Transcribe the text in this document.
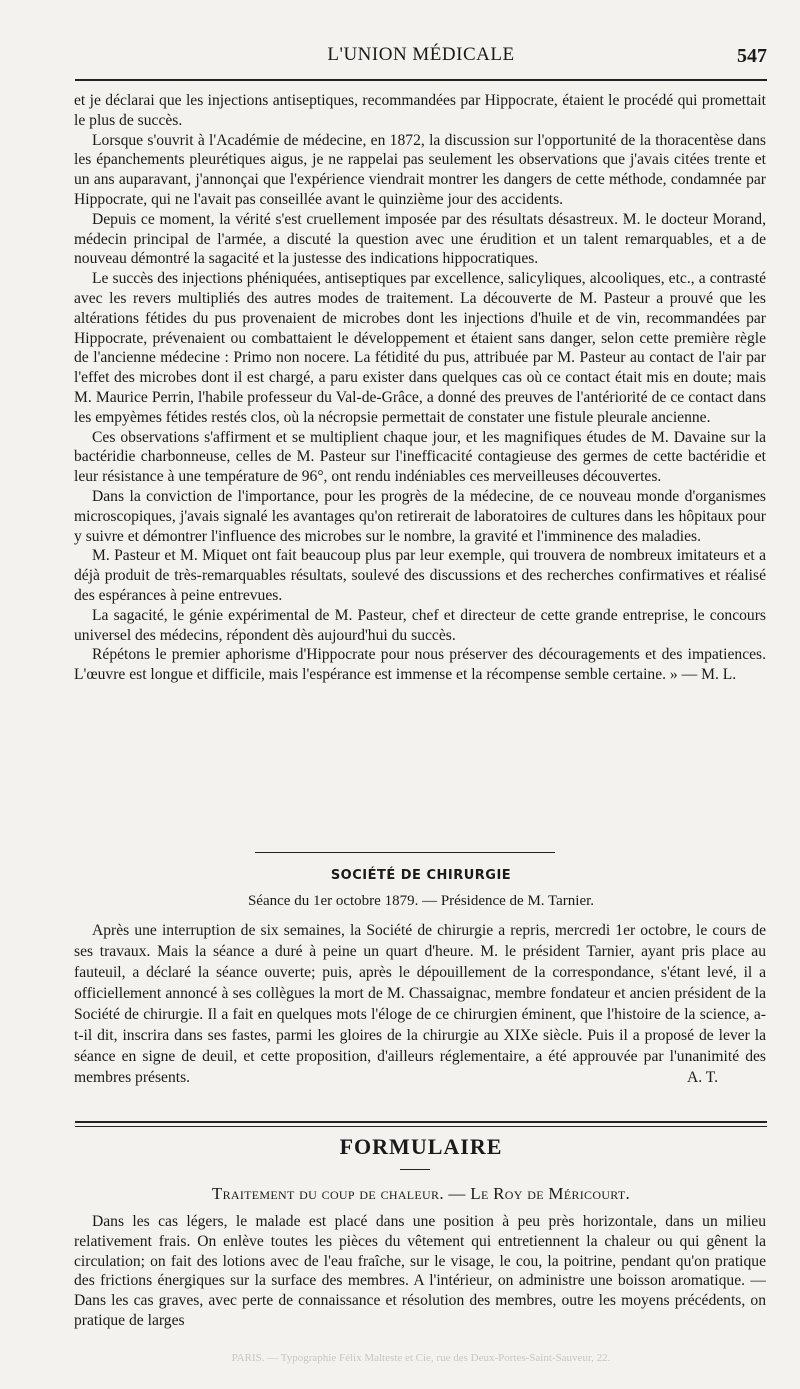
L'UNION MÉDICALE	547

et je déclarai que les injections antiseptiques, recommandées par Hippocrate, étaient le procédé qui promettait le plus de succès.

Lorsque s'ouvrit à l'Académie de médecine, en 1872, la discussion sur l'opportunité de la thoracentèse dans les épanchements pleurétiques aigus, je ne rappelai pas seulement les observations que j'avais citées trente et un ans auparavant, j'annonçai que l'expérience viendrait montrer les dangers de cette méthode, condamnée par Hippocrate, qui ne l'avait pas conseillée avant le quinzième jour des accidents.

Depuis ce moment, la vérité s'est cruellement imposée par des résultats désastreux. M. le docteur Morand, médecin principal de l'armée, a discuté la question avec une érudition et un talent remarquables, et a de nouveau démontré la sagacité et la justesse des indications hippocratiques.

Le succès des injections phéniquées, antiseptiques par excellence, salicyliques, alcooliques, etc., a contrasté avec les revers multipliés des autres modes de traitement. La découverte de M. Pasteur a prouvé que les altérations fétides du pus provenaient de microbes dont les injections d'huile et de vin, recommandées par Hippocrate, prévenaient ou combattaient le développement et étaient sans danger, selon cette première règle de l'ancienne médecine : Primo non nocere. La fétidité du pus, attribuée par M. Pasteur au contact de l'air par l'effet des microbes dont il est chargé, a paru exister dans quelques cas où ce contact était mis en doute; mais M. Maurice Perrin, l'habile professeur du Val-de-Grâce, a donné des preuves de l'antériorité de ce contact dans les empyèmes fétides restés clos, où la nécropsie permettait de constater une fistule pleurale ancienne.

Ces observations s'affirment et se multiplient chaque jour, et les magnifiques études de M. Davaine sur la bactéridie charbonneuse, celles de M. Pasteur sur l'inefficacité contagieuse des germes de cette bactéridie et leur résistance à une température de 96°, ont rendu indéniables ces merveilleuses découvertes.

Dans la conviction de l'importance, pour les progrès de la médecine, de ce nouveau monde d'organismes microscopiques, j'avais signalé les avantages qu'on retirerait de laboratoires de cultures dans les hôpitaux pour y suivre et démontrer l'influence des microbes sur le nombre, la gravité et l'imminence des maladies.

M. Pasteur et M. Miquet ont fait beaucoup plus par leur exemple, qui trouvera de nombreux imitateurs et a déjà produit de très-remarquables résultats, soulevé des discussions et des recherches confirmatives et réalisé des espérances à peine entrevues.

La sagacité, le génie expérimental de M. Pasteur, chef et directeur de cette grande entreprise, le concours universel des médecins, répondent dès aujourd'hui du succès.

Répétons le premier aphorisme d'Hippocrate pour nous préserver des découragements et des impatiences. L'œuvre est longue et difficile, mais l'espérance est immense et la récompense semble certaine. » — M. L.

SOCIÉTÉ DE CHIRURGIE
Séance du 1er octobre 1879. — Présidence de M. Tarnier.

Après une interruption de six semaines, la Société de chirurgie a repris, mercredi 1er octobre, le cours de ses travaux. Mais la séance a duré à peine un quart d'heure. M. le président Tarnier, ayant pris place au fauteuil, a déclaré la séance ouverte; puis, après le dépouillement de la correspondance, s'étant levé, il a officiellement annoncé à ses collègues la mort de M. Chassaignac, membre fondateur et ancien président de la Société de chirurgie. Il a fait en quelques mots l'éloge de ce chirurgien éminent, que l'histoire de la science, a-t-il dit, inscrira dans ses fastes, parmi les gloires de la chirurgie au XIXe siècle. Puis il a proposé de lever la séance en signe de deuil, et cette proposition, d'ailleurs réglementaire, a été approuvée par l'unanimité des membres présents.	A. T.

FORMULAIRE
Traitement du coup de chaleur. — Le Roy de Méricourt.

Dans les cas légers, le malade est placé dans une position à peu près horizontale, dans un milieu relativement frais. On enlève toutes les pièces du vêtement qui entretiennent la chaleur ou qui gênent la circulation; on fait des lotions avec de l'eau fraîche, sur le visage, le cou, la poitrine, pendant qu'on pratique des frictions énergiques sur la surface des membres. A l'intérieur, on administre une boisson aromatique. — Dans les cas graves, avec perte de connaissance et résolution des membres, outre les moyens précédents, on pratique de larges

PARIS. — Typographie Félix Malteste et Cie, rue des Deux-Portes-Saint-Sauveur, 22.
